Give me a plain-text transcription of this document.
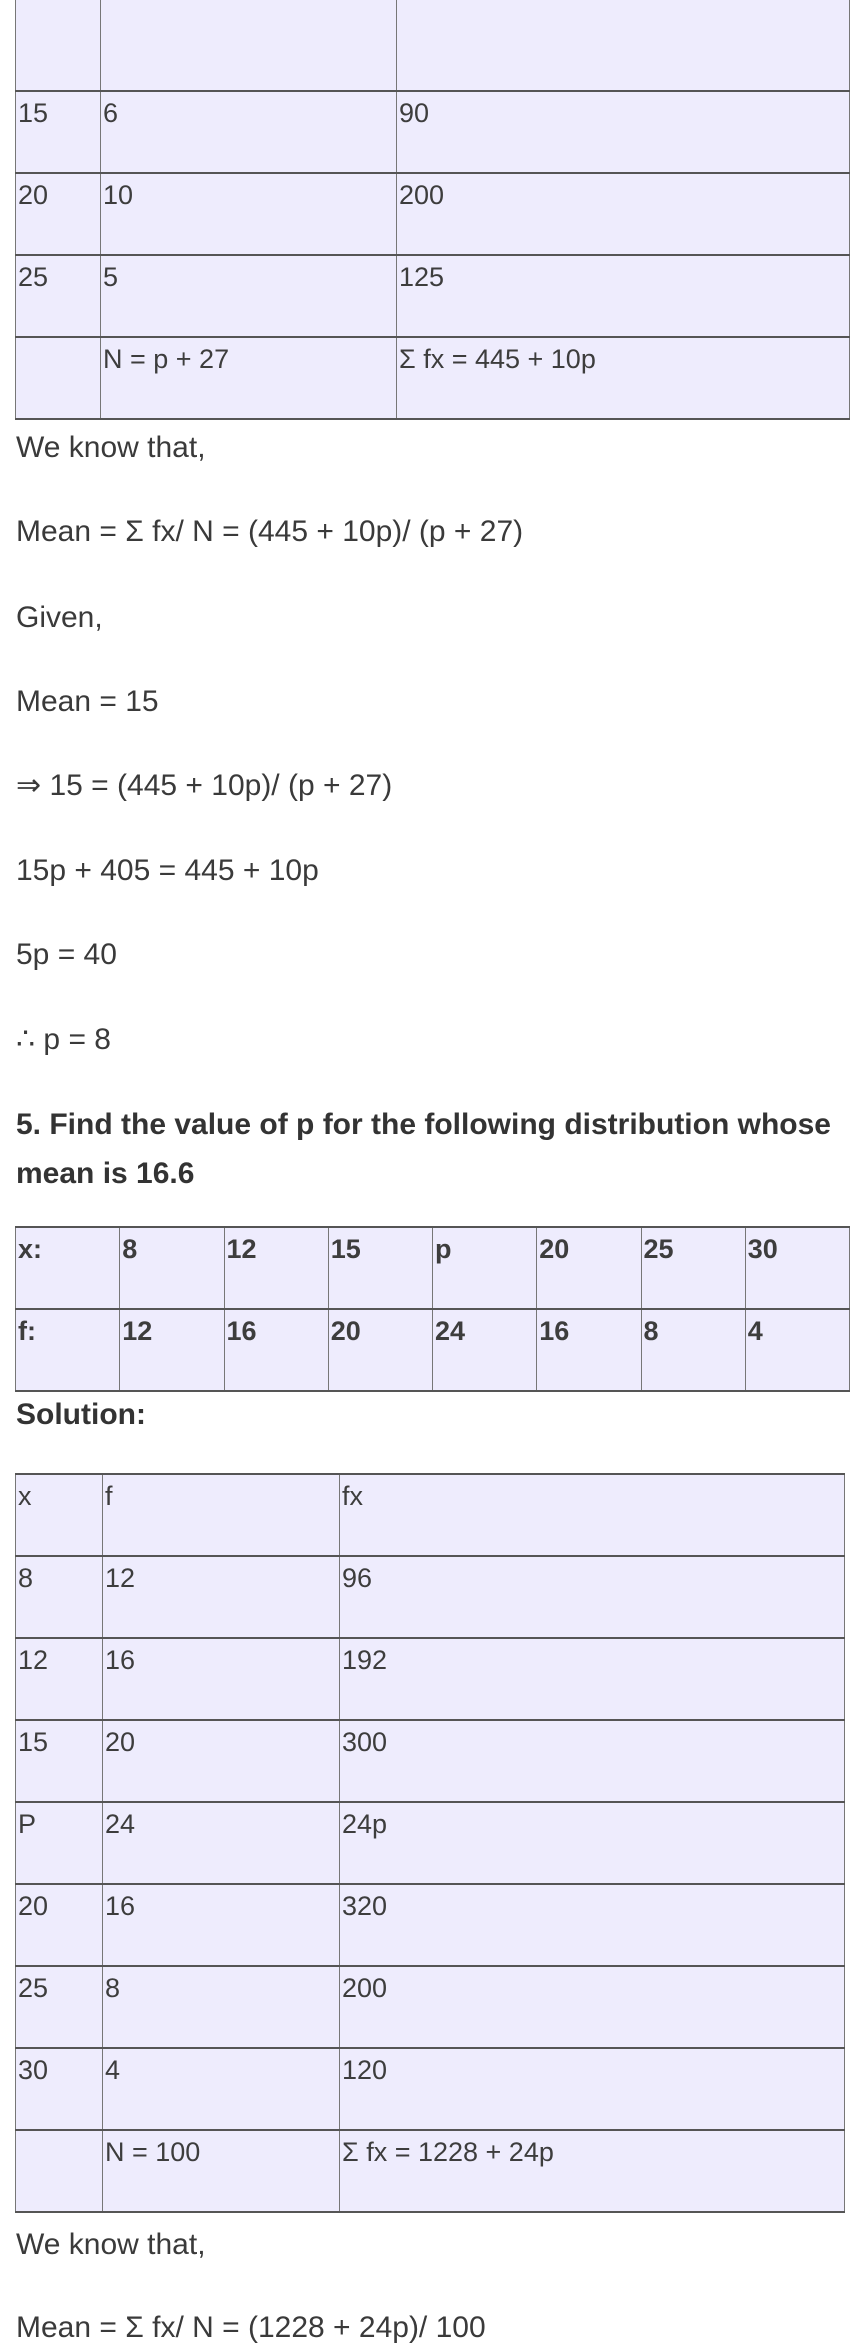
15	6	90
20	10	200
25	5	125
	N = p + 27	Σ fx = 445 + 10p
We know that,
Mean = Σ fx/ N = (445 + 10p)/ (p + 27)
Given,
Mean = 15
⇒ 15 = (445 + 10p)/ (p + 27)
15p + 405 = 445 + 10p
5p = 40
∴ p = 8
5. Find the value of p for the following distribution whose mean is 16.6
x:	8	12	15	p	20	25	30
f:	12	16	20	24	16	8	4
Solution:
x	f	fx
8	12	96
12	16	192
15	20	300
P	24	24p
20	16	320
25	8	200
30	4	120
	N = 100	Σ fx = 1228 + 24p
We know that,
Mean = Σ fx/ N = (1228 + 24p)/ 100
